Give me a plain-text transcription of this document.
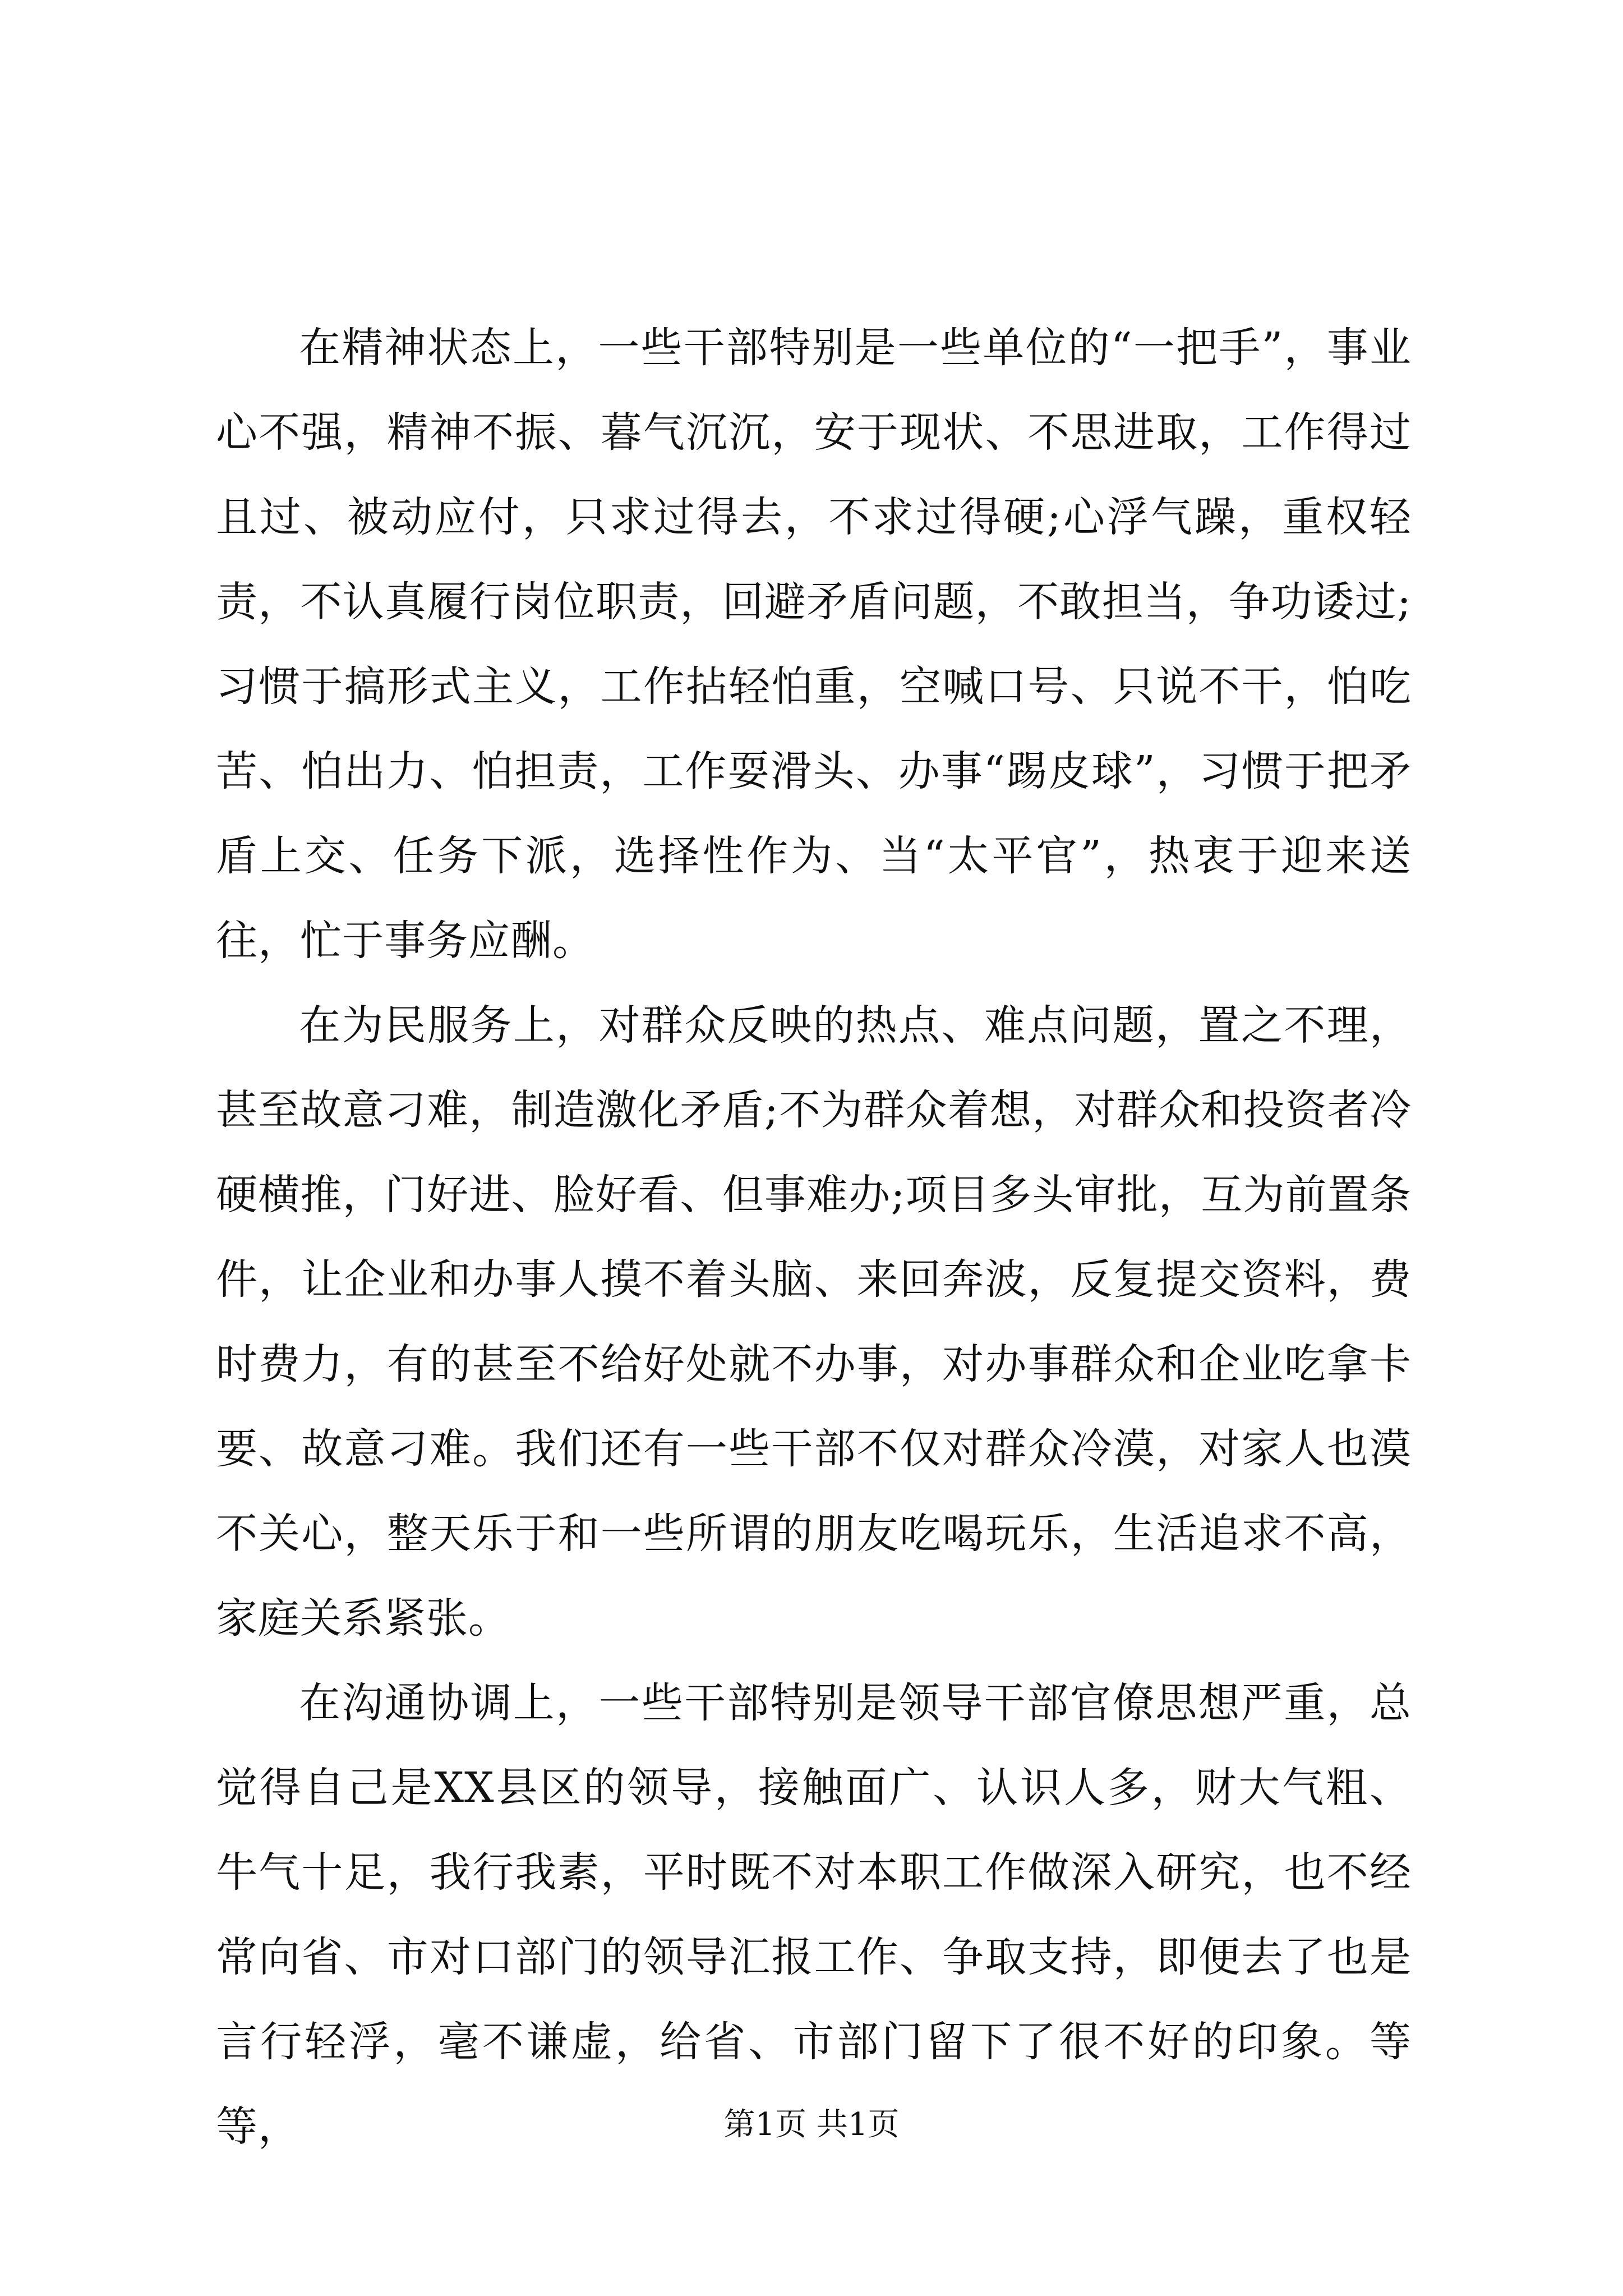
在精神状态上，一些干部特别是一些单位的“一把手”，事业心不强，精神不振、暮气沉沉，安于现状、不思进取，工作得过且过、被动应付，只求过得去，不求过得硬;心浮气躁，重权轻责，不认真履行岗位职责，回避矛盾问题，不敢担当，争功诿过;习惯于搞形式主义，工作拈轻怕重，空喊口号、只说不干，怕吃苦、怕出力、怕担责，工作耍滑头、办事“踢皮球”，习惯于把矛盾上交、任务下派，选择性作为、当“太平官”，热衷于迎来送往，忙于事务应酬。

在为民服务上，对群众反映的热点、难点问题，置之不理，甚至故意刁难，制造激化矛盾;不为群众着想，对群众和投资者冷硬横推，门好进、脸好看、但事难办;项目多头审批，互为前置条件，让企业和办事人摸不着头脑、来回奔波，反复提交资料，费时费力，有的甚至不给好处就不办事，对办事群众和企业吃拿卡要、故意刁难。我们还有一些干部不仅对群众冷漠，对家人也漠不关心，整天乐于和一些所谓的朋友吃喝玩乐，生活追求不高，家庭关系紧张。

在沟通协调上，一些干部特别是领导干部官僚思想严重，总觉得自己是XX县区的领导，接触面广、认识人多，财大气粗、牛气十足，我行我素，平时既不对本职工作做深入研究，也不经常向省、市对口部门的领导汇报工作、争取支持，即便去了也是言行轻浮，毫不谦虚，给省、市部门留下了很不好的印象。等等，	第1页 共1页
